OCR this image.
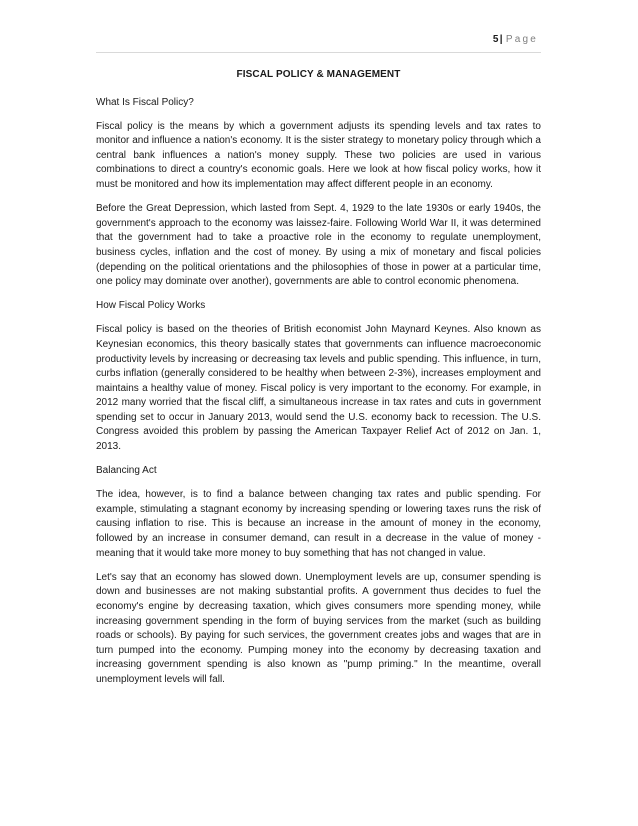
5| Page
FISCAL POLICY & MANAGEMENT
What Is Fiscal Policy?

Fiscal policy is the means by which a government adjusts its spending levels and tax rates to monitor and influence a nation's economy. It is the sister strategy to monetary policy through which a central bank influences a nation's money supply. These two policies are used in various combinations to direct a country's economic goals. Here we look at how fiscal policy works, how it must be monitored and how its implementation may affect different people in an economy.

Before the Great Depression, which lasted from Sept. 4, 1929 to the late 1930s or early 1940s, the government's approach to the economy was laissez-faire. Following World War II, it was determined that the government had to take a proactive role in the economy to regulate unemployment, business cycles, inflation and the cost of money. By using a mix of monetary and fiscal policies (depending on the political orientations and the philosophies of those in power at a particular time, one policy may dominate over another), governments are able to control economic phenomena.

How Fiscal Policy Works

Fiscal policy is based on the theories of British economist John Maynard Keynes. Also known as Keynesian economics, this theory basically states that governments can influence macroeconomic productivity levels by increasing or decreasing tax levels and public spending. This influence, in turn, curbs inflation (generally considered to be healthy when between 2-3%), increases employment and maintains a healthy value of money. Fiscal policy is very important to the economy. For example, in 2012 many worried that the fiscal cliff, a simultaneous increase in tax rates and cuts in government spending set to occur in January 2013, would send the U.S. economy back to recession. The U.S. Congress avoided this problem by passing the American Taxpayer Relief Act of 2012 on Jan. 1, 2013.

Balancing Act

The idea, however, is to find a balance between changing tax rates and public spending. For example, stimulating a stagnant economy by increasing spending or lowering taxes runs the risk of causing inflation to rise. This is because an increase in the amount of money in the economy, followed by an increase in consumer demand, can result in a decrease in the value of money - meaning that it would take more money to buy something that has not changed in value.

Let's say that an economy has slowed down. Unemployment levels are up, consumer spending is down and businesses are not making substantial profits. A government thus decides to fuel the economy's engine by decreasing taxation, which gives consumers more spending money, while increasing government spending in the form of buying services from the market (such as building roads or schools). By paying for such services, the government creates jobs and wages that are in turn pumped into the economy. Pumping money into the economy by decreasing taxation and increasing government spending is also known as "pump priming." In the meantime, overall unemployment levels will fall.
